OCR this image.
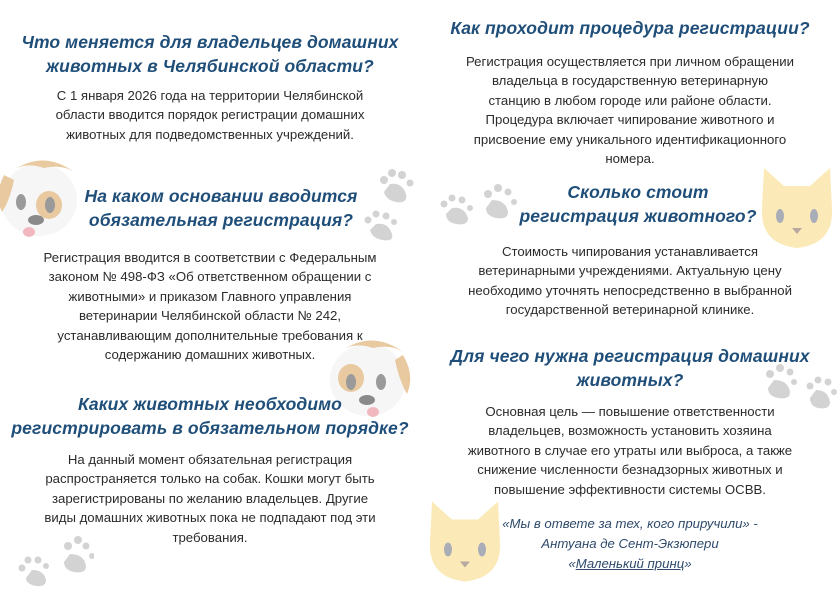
Что меняется для владельцев домашних
животных в Челябинской области?
С 1 января 2026 года на территории Челябинской
области вводится порядок регистрации домашних
животных для подведомственных учреждений.
На каком основании вводится
обязательная регистрация?
Регистрация вводится в соответствии с Федеральным
законом № 498-ФЗ «Об ответственном обращении с
животными» и приказом Главного управления
ветеринарии Челябинской области № 242,
устанавливающим дополнительные требования к
содержанию домашних животных.
Каких животных необходимо
регистрировать в обязательном порядке?
На данный момент обязательная регистрация
распространяется только на собак. Кошки могут быть
зарегистрированы по желанию владельцев. Другие
виды домашних животных пока не подпадают под эти
требования.
Как проходит процедура регистрации?
Регистрация осуществляется при личном обращении
владельца в государственную ветеринарную
станцию в любом городе или районе области.
Процедура включает чипирование животного и
присвоение ему уникального идентификационного
номера.
Сколько стоит
регистрация животного?
Стоимость чипирования устанавливается
ветеринарными учреждениями. Актуальную цену
необходимо уточнять непосредственно в выбранной
государственной ветеринарной клинике.
Для чего нужна регистрация домашних
животных?
Основная цель — повышение ответственности
владельцев, возможность установить хозяина
животного в случае его утраты или выброса, а также
снижение численности безнадзорных животных и
повышение эффективности системы ОСВВ.
«Мы в ответе за тех, кого приручили» -
Антуана де Сент-Экзюпери
«Маленький принц»
